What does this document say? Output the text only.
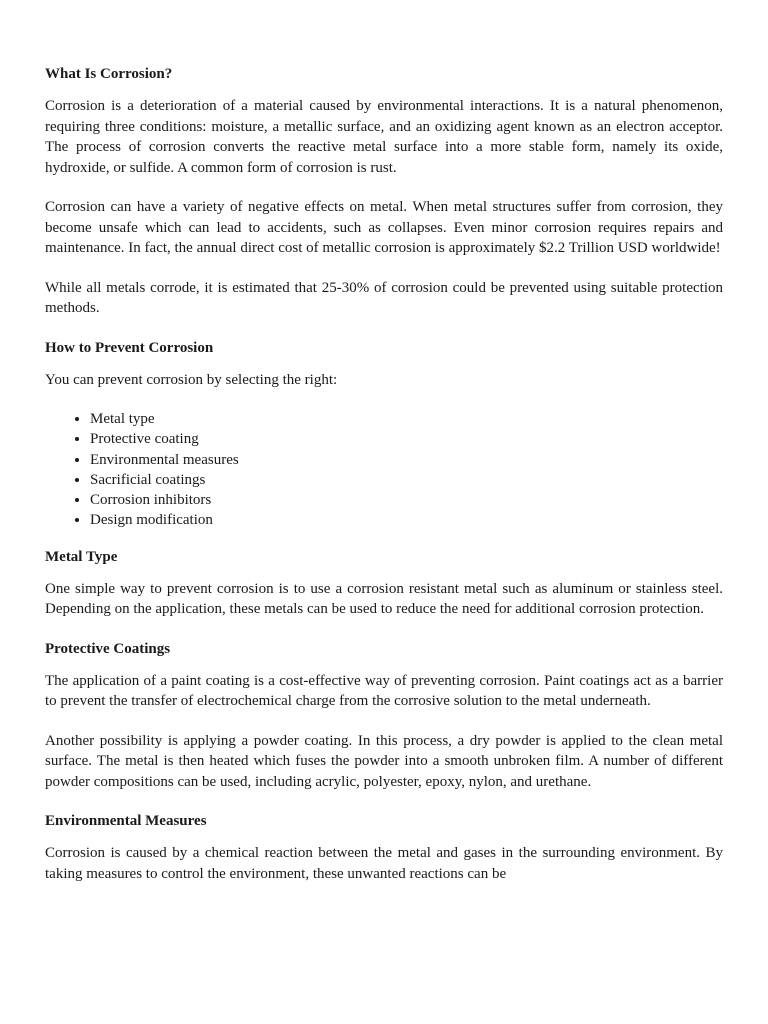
What Is Corrosion?

Corrosion is a deterioration of a material caused by environmental interactions. It is a natural phenomenon, requiring three conditions: moisture, a metallic surface, and an oxidizing agent known as an electron acceptor. The process of corrosion converts the reactive metal surface into a more stable form, namely its oxide, hydroxide, or sulfide. A common form of corrosion is rust.

Corrosion can have a variety of negative effects on metal. When metal structures suffer from corrosion, they become unsafe which can lead to accidents, such as collapses. Even minor corrosion requires repairs and maintenance. In fact, the annual direct cost of metallic corrosion is approximately $2.2 Trillion USD worldwide!

While all metals corrode, it is estimated that 25-30% of corrosion could be prevented using suitable protection methods.

How to Prevent Corrosion

You can prevent corrosion by selecting the right:

• Metal type
• Protective coating
• Environmental measures
• Sacrificial coatings
• Corrosion inhibitors
• Design modification
Metal Type

One simple way to prevent corrosion is to use a corrosion resistant metal such as aluminum or stainless steel. Depending on the application, these metals can be used to reduce the need for additional corrosion protection.

Protective Coatings

The application of a paint coating is a cost-effective way of preventing corrosion. Paint coatings act as a barrier to prevent the transfer of electrochemical charge from the corrosive solution to the metal underneath.

Another possibility is applying a powder coating. In this process, a dry powder is applied to the clean metal surface. The metal is then heated which fuses the powder into a smooth unbroken film. A number of different powder compositions can be used, including acrylic, polyester, epoxy, nylon, and urethane.

Environmental Measures

Corrosion is caused by a chemical reaction between the metal and gases in the surrounding environment. By taking measures to control the environment, these unwanted reactions can be
